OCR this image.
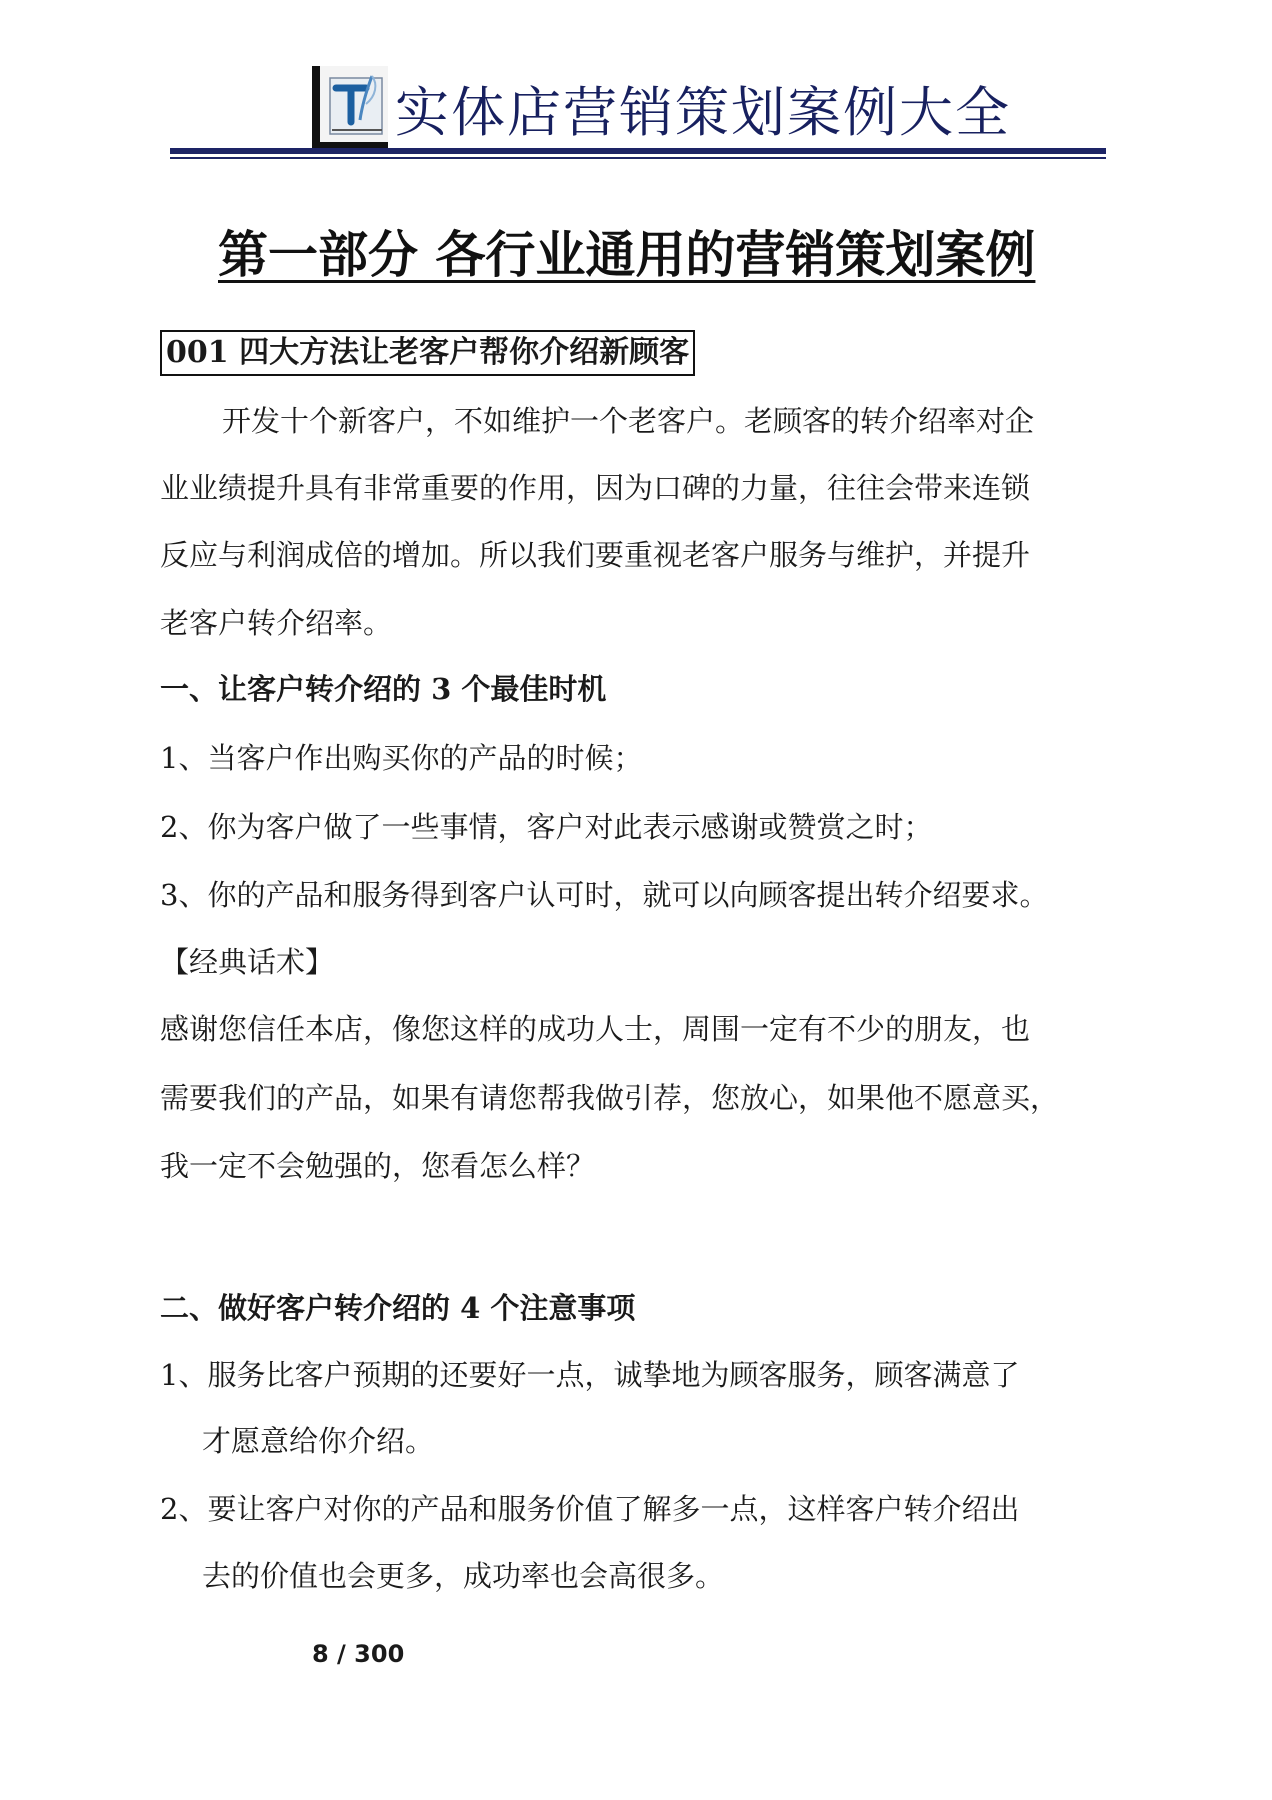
实体店营销策划案例大全
第一部分 各行业通用的营销策划案例
001 四大方法让老客户帮你介绍新顾客
开发十个新客户，不如维护一个老客户。老顾客的转介绍率对企
业业绩提升具有非常重要的作用，因为口碑的力量，往往会带来连锁
反应与利润成倍的增加。所以我们要重视老客户服务与维护，并提升
老客户转介绍率。
一、让客户转介绍的 3 个最佳时机
1、当客户作出购买你的产品的时候；
2、你为客户做了一些事情，客户对此表示感谢或赞赏之时；
3、你的产品和服务得到客户认可时，就可以向顾客提出转介绍要求。
【经典话术】
感谢您信任本店，像您这样的成功人士，周围一定有不少的朋友，也
需要我们的产品，如果有请您帮我做引荐，您放心，如果他不愿意买，
我一定不会勉强的，您看怎么样？
二、做好客户转介绍的 4 个注意事项
1、服务比客户预期的还要好一点，诚挚地为顾客服务，顾客满意了
才愿意给你介绍。
2、要让客户对你的产品和服务价值了解多一点，这样客户转介绍出
去的价值也会更多，成功率也会高很多。
8 / 300
